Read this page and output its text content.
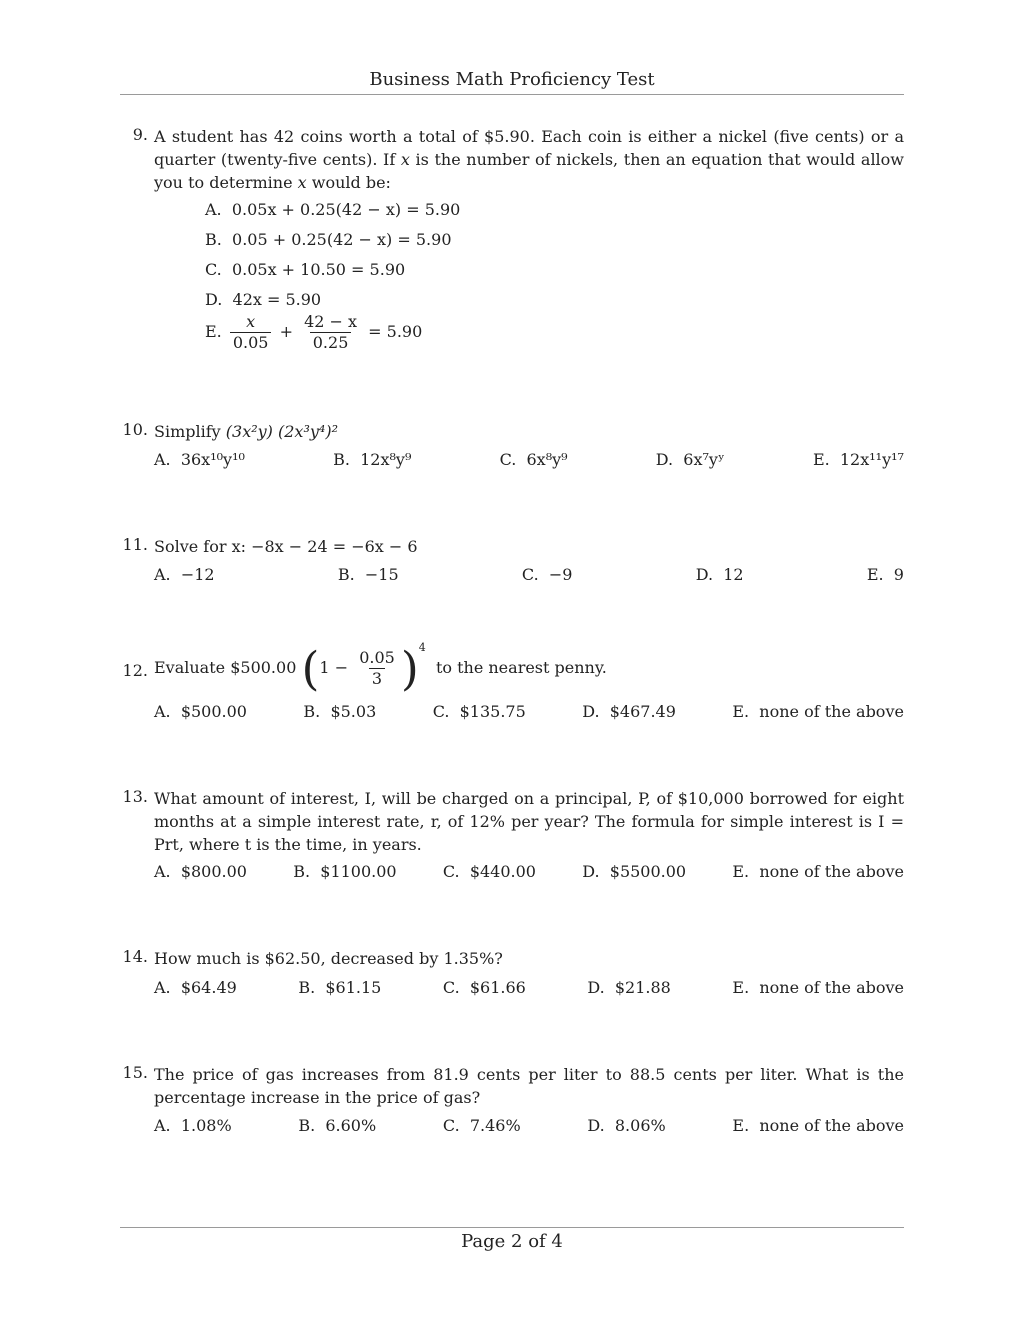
Business Math Proficiency Test
9. A student has 42 coins worth a total of $5.90. Each coin is either a nickel (five cents) or a quarter (twenty-five cents). If x is the number of nickels, then an equation that would allow you to determine x would be:
A. 0.05x + 0.25(42 − x) = 5.90
B. 0.05 + 0.25(42 − x) = 5.90
C. 0.05x + 10.50 = 5.90
D. 42x = 5.90
E. $\frac{x}{0.05} + \frac{42 - x}{0.25} = 5.90$
10. Simplify (3x²y) (2x³y⁴)²
A. 36x¹⁰y¹⁰	B. 12x⁸y⁹	C. 6x⁸y⁹	D. 6x⁷yʸ	E. 12x¹¹y¹⁷
11. Solve for x: −8x − 24 = −6x − 6
A. −12	B. −15	C. −9	D. 12	E. 9
12. Evaluate $500.00 $(1 - \frac{0.05}{3} )^4$  to the nearest penny.
A. $500.00	B. $5.03	C. $135.75	D. $467.49	E. none of the above
13. What amount of interest, I, will be charged on a principal, P, of $10,000 borrowed for eight months at a simple interest rate, r, of 12% per year? The formula for simple interest is I = Prt, where t is the time, in years.
A. $800.00	B. $1100.00	C. $440.00	D. $5500.00	E. none of the above
14. How much is $62.50, decreased by 1.35%?
A. $64.49	B. $61.15	C. $61.66	D. $21.88	E. none of the above
15. The price of gas increases from 81.9 cents per liter to 88.5 cents per liter. What is the percentage increase in the price of gas?
A. 1.08%	B. 6.60%	C. 7.46%	D. 8.06%	E. none of the above
Page 2 of 4
